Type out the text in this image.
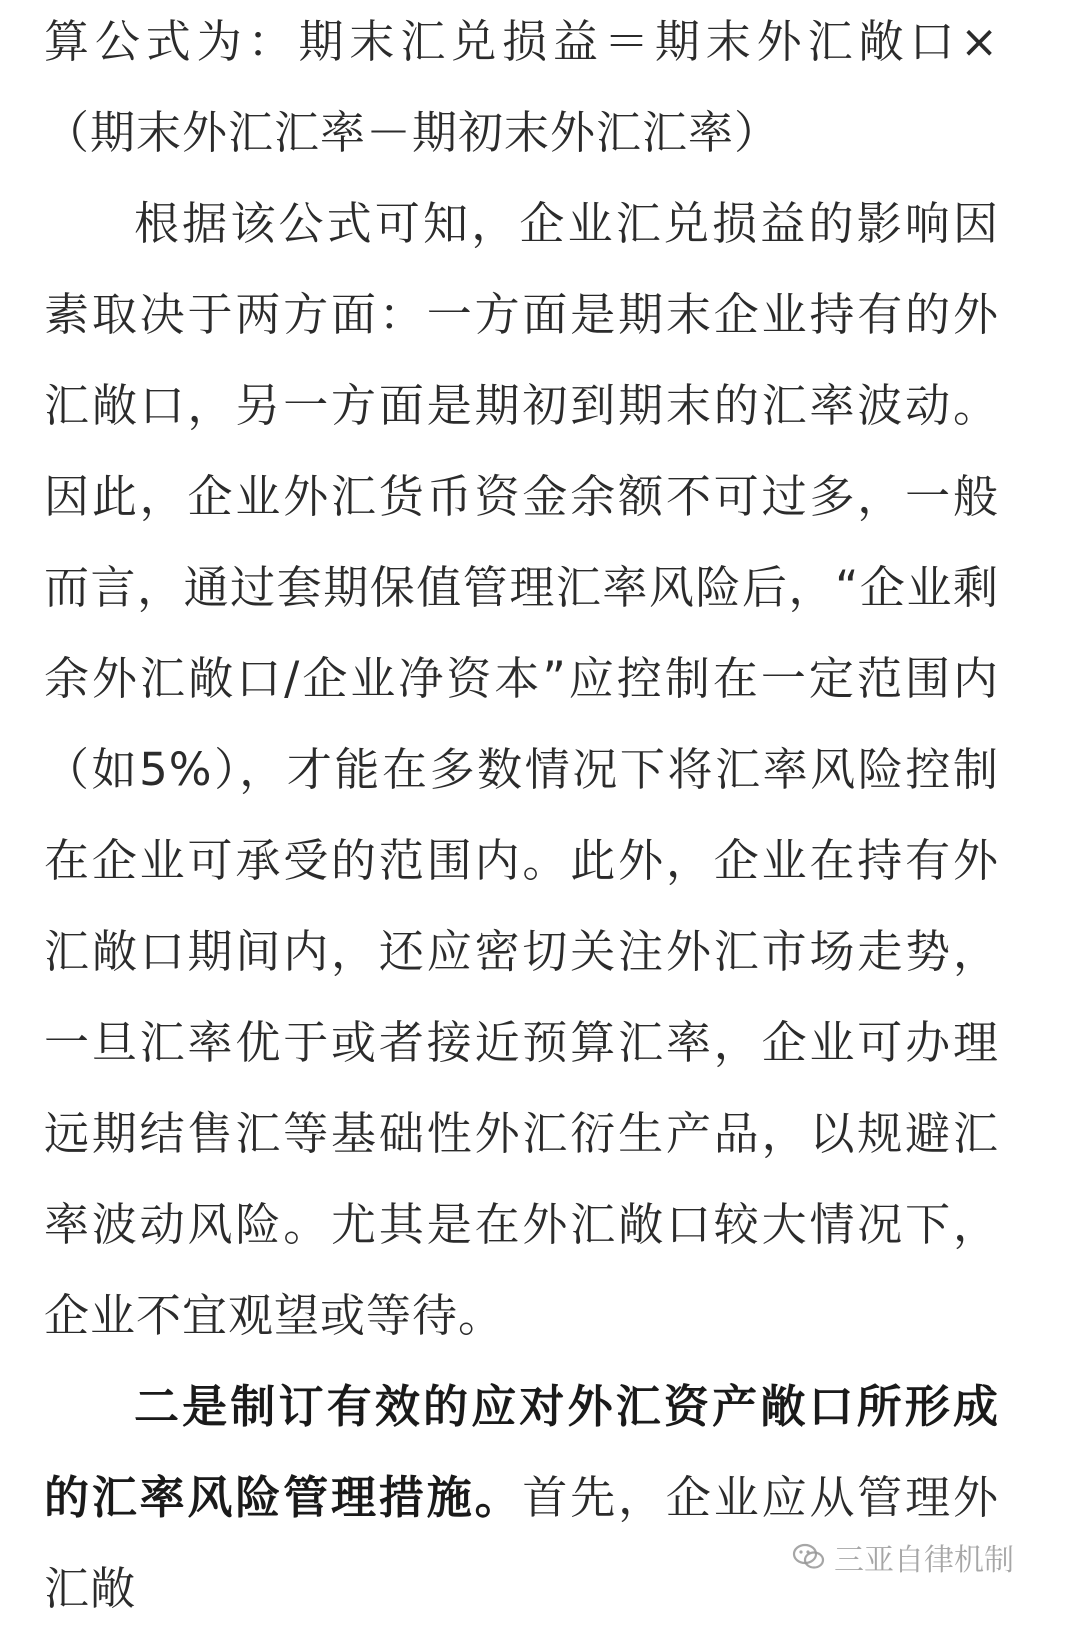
算公式为：期末汇兑损益＝期末外汇敞口×（期末外汇汇率－期初末外汇汇率）

根据该公式可知，企业汇兑损益的影响因素取决于两方面：一方面是期末企业持有的外汇敞口，另一方面是期初到期末的汇率波动。因此，企业外汇货币资金余额不可过多，一般而言，通过套期保值管理汇率风险后，“企业剩余外汇敞口/企业净资本”应控制在一定范围内（如5%），才能在多数情况下将汇率风险控制在企业可承受的范围内。此外，企业在持有外汇敞口期间内，还应密切关注外汇市场走势，一旦汇率优于或者接近预算汇率，企业可办理远期结售汇等基础性外汇衍生产品，以规避汇率波动风险。尤其是在外汇敞口较大情况下，企业不宜观望或等待。

二是制订有效的应对外汇资产敞口所形成的汇率风险管理措施。首先，企业应从管理外汇敞

三亚自律机制
